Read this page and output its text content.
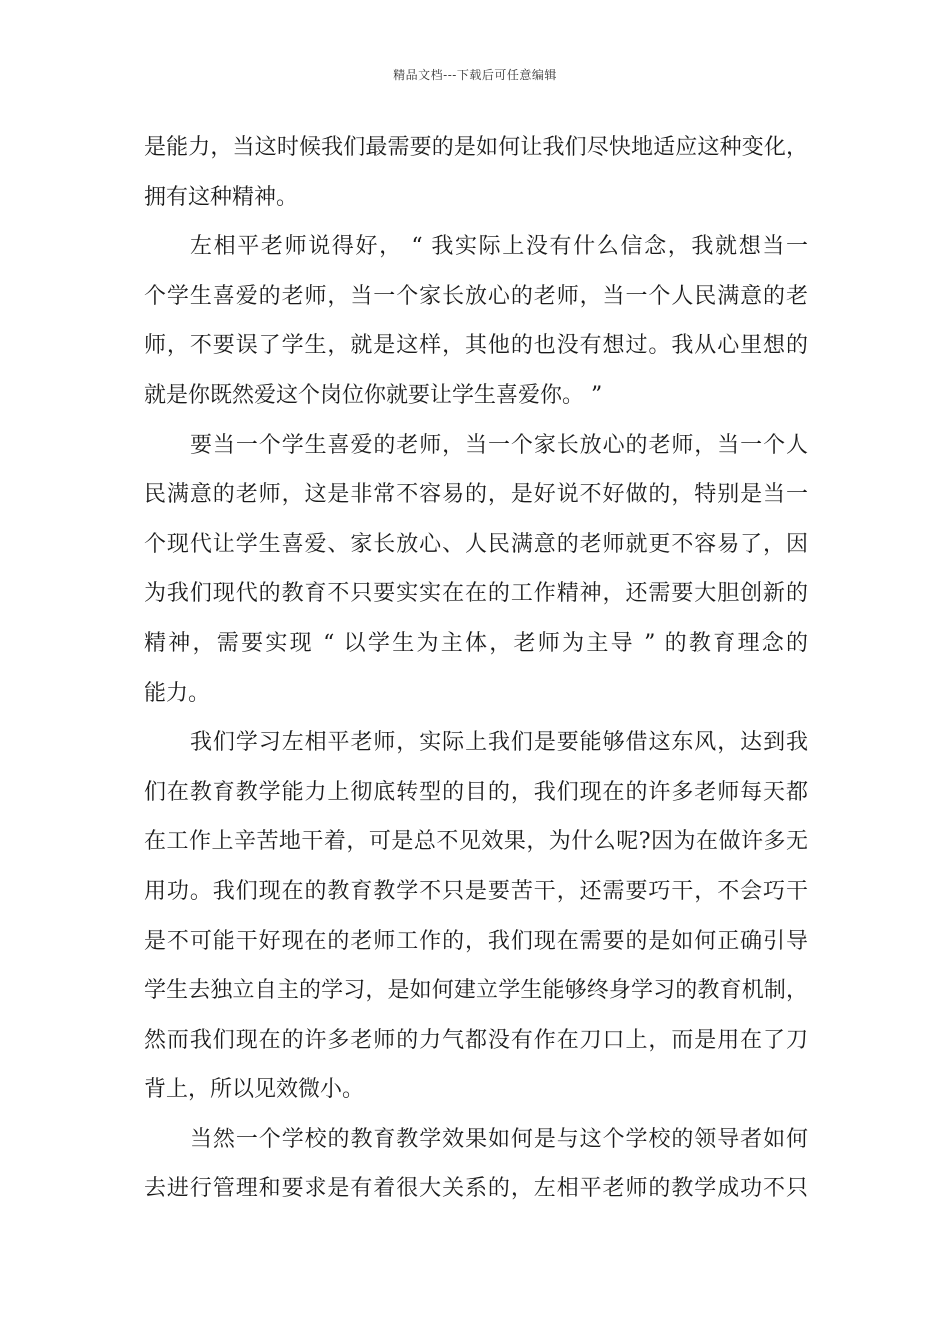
精品文档---下载后可任意编辑
是能力，当这时候我们最需要的是如何让我们尽快地适应这种变化，
拥有这种精神。
左相平老师说得好， “ 我实际上没有什么信念，我就想当一
个学生喜爱的老师，当一个家长放心的老师，当一个人民满意的老
师，不要误了学生，就是这样，其他的也没有想过。我从心里想的
就是你既然爱这个岗位你就要让学生喜爱你。 ”
要当一个学生喜爱的老师，当一个家长放心的老师，当一个人
民满意的老师，这是非常不容易的，是好说不好做的，特别是当一
个现代让学生喜爱、家长放心、人民满意的老师就更不容易了，因
为我们现代的教育不只要实实在在的工作精神，还需要大胆创新的
精神，需要实现 “ 以学生为主体，老师为主导 ” 的教育理念的
能力。
我们学习左相平老师，实际上我们是要能够借这东风，达到我
们在教育教学能力上彻底转型的目的，我们现在的许多老师每天都
在工作上辛苦地干着，可是总不见效果，为什么呢?因为在做许多无
用功。我们现在的教育教学不只是要苦干，还需要巧干，不会巧干
是不可能干好现在的老师工作的，我们现在需要的是如何正确引导
学生去独立自主的学习，是如何建立学生能够终身学习的教育机制，
然而我们现在的许多老师的力气都没有作在刀口上，而是用在了刀
背上，所以见效微小。
当然一个学校的教育教学效果如何是与这个学校的领导者如何
去进行管理和要求是有着很大关系的，左相平老师的教学成功不只
